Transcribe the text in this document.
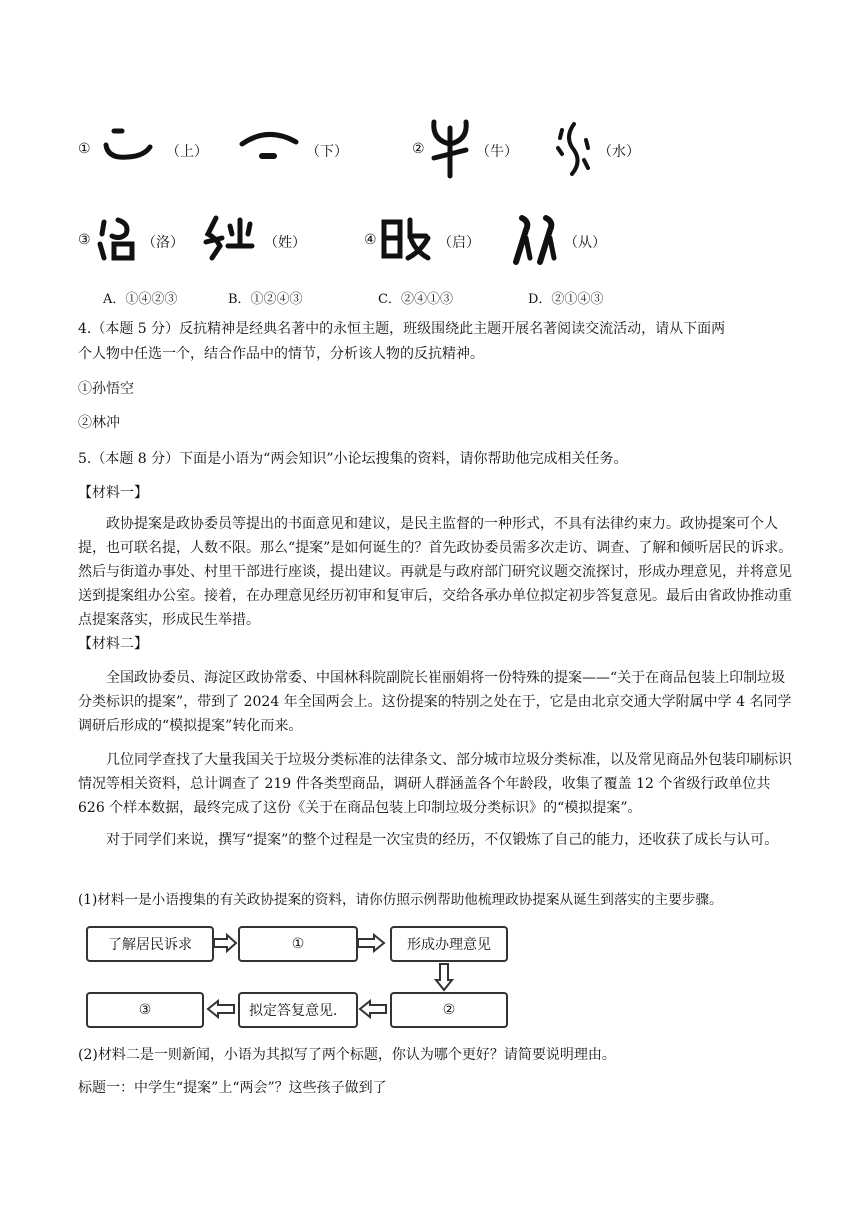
①	（上）	（下）	②	（牛）	（水）
③	（洛）	（姓）	④	（启）	（从）
A．①④②③	B．①②④③	C．②④①③	D．②①④③
4.（本题 5 分）反抗精神是经典名著中的永恒主题，班级围绕此主题开展名著阅读交流活动，请从下面两
个人物中任选一个，结合作品中的情节，分析该人物的反抗精神。
①孙悟空
②林冲
5.（本题 8 分）下面是小语为“两会知识”小论坛搜集的资料，请你帮助他完成相关任务。
【材料一】

政协提案是政协委员等提出的书面意见和建议，是民主监督的一种形式，不具有法律约束力。政协提案可个人提，也可联名提，人数不限。那么“提案”是如何诞生的？首先政协委员需多次走访、调查、了解和倾听居民的诉求。然后与街道办事处、村里干部进行座谈，提出建议。再就是与政府部门研究议题交流探讨，形成办理意见，并将意见送到提案组办公室。接着，在办理意见经历初审和复审后，交给各承办单位拟定初步答复意见。最后由省政协推动重点提案落实，形成民生举措。

【材料二】

全国政协委员、海淀区政协常委、中国林科院副院长崔丽娟将一份特殊的提案——“关于在商品包装上印制垃圾分类标识的提案”，带到了 2024 年全国两会上。这份提案的特别之处在于，它是由北京交通大学附属中学 4 名同学调研后形成的“模拟提案”转化而来。

几位同学查找了大量我国关于垃圾分类标准的法律条文、部分城市垃圾分类标准，以及常见商品外包装印刷标识情况等相关资料，总计调查了 219 件各类型商品，调研人群涵盖各个年龄段，收集了覆盖 12 个省级行政单位共 626 个样本数据，最终完成了这份《关于在商品包装上印制垃圾分类标识》的“模拟提案”。

对于同学们来说，撰写“提案”的整个过程是一次宝贵的经历，不仅锻炼了自己的能力，还收获了成长与认可。

(1)材料一是小语搜集的有关政协提案的资料，请你仿照示例帮助他梳理政协提案从诞生到落实的主要步骤。
了解居民诉求	①	形成办理意见
②
拟定答复意见．
③
(2)材料二是一则新闻，小语为其拟写了两个标题，你认为哪个更好？请简要说明理由。
标题一：中学生“提案”上“两会”？这些孩子做到了
